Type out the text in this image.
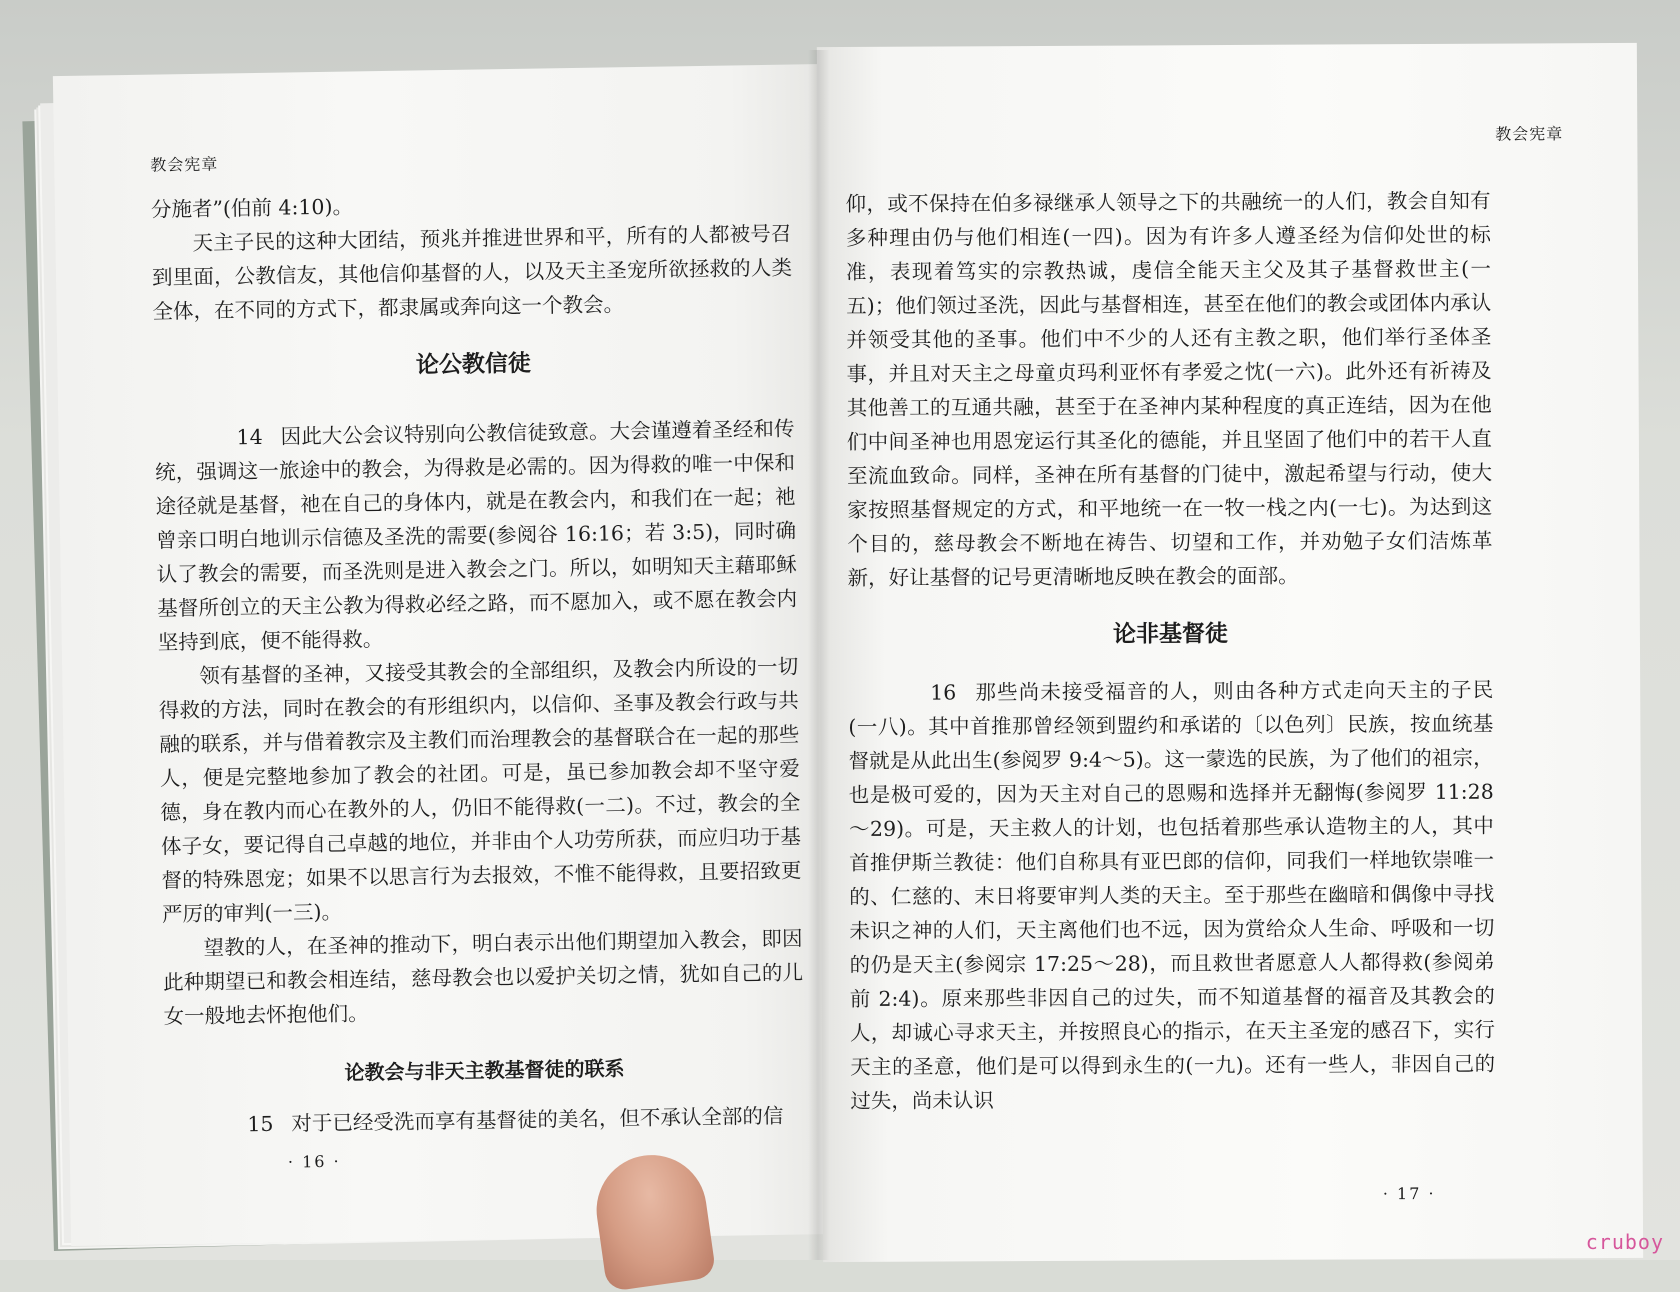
教会宪章

分施者”(伯前 4:10)。

天主子民的这种大团结，预兆并推进世界和平，所有的人都被号召到里面，公教信友，其他信仰基督的人，以及天主圣宠所欲拯救的人类全体，在不同的方式下，都隶属或奔向这一个教会。

论公教信徒

14 因此大公会议特别向公教信徒致意。大会谨遵着圣经和传统，强调这一旅途中的教会，为得救是必需的。因为得救的唯一中保和途径就是基督，祂在自己的身体内，就是在教会内，和我们在一起；祂曾亲口明白地训示信德及圣洗的需要(参阅谷 16:16；若 3:5)，同时确认了教会的需要，而圣洗则是进入教会之门。所以，如明知天主藉耶稣基督所创立的天主公教为得救必经之路，而不愿加入，或不愿在教会内坚持到底，便不能得救。

领有基督的圣神，又接受其教会的全部组织，及教会内所设的一切得救的方法，同时在教会的有形组织内，以信仰、圣事及教会行政与共融的联系，并与借着教宗及主教们而治理教会的基督联合在一起的那些人，便是完整地参加了教会的社团。可是，虽已参加教会却不坚守爱德，身在教内而心在教外的人，仍旧不能得救(一二)。不过，教会的全体子女，要记得自己卓越的地位，并非由个人功劳所获，而应归功于基督的特殊恩宠；如果不以思言行为去报效，不惟不能得救，且要招致更严厉的审判(一三)。

望教的人，在圣神的推动下，明白表示出他们期望加入教会，即因此种期望已和教会相连结，慈母教会也以爱护关切之情，犹如自己的儿女一般地去怀抱他们。

论教会与非天主教基督徒的联系

15 对于已经受洗而享有基督徒的美名，但不承认全部的信

· 16 ·
教会宪章

仰，或不保持在伯多禄继承人领导之下的共融统一的人们，教会自知有多种理由仍与他们相连(一四)。因为有许多人遵圣经为信仰处世的标准，表现着笃实的宗教热诚，虔信全能天主父及其子基督救世主(一五)；他们领过圣洗，因此与基督相连，甚至在他们的教会或团体内承认并领受其他的圣事。他们中不少的人还有主教之职，他们举行圣体圣事，并且对天主之母童贞玛利亚怀有孝爱之忱(一六)。此外还有祈祷及其他善工的互通共融，甚至于在圣神内某种程度的真正连结，因为在他们中间圣神也用恩宠运行其圣化的德能，并且坚固了他们中的若干人直至流血致命。同样，圣神在所有基督的门徒中，激起希望与行动，使大家按照基督规定的方式，和平地统一在一牧一栈之内(一七)。为达到这个目的，慈母教会不断地在祷告、切望和工作，并劝勉子女们洁炼革新，好让基督的记号更清晰地反映在教会的面部。

论非基督徒

16 那些尚未接受福音的人，则由各种方式走向天主的子民(一八)。其中首推那曾经领到盟约和承诺的〔以色列〕民族，按血统基督就是从此出生(参阅罗 9:4～5)。这一蒙选的民族，为了他们的祖宗，也是极可爱的，因为天主对自己的恩赐和选择并无翻悔(参阅罗 11:28～29)。可是，天主救人的计划，也包括着那些承认造物主的人，其中首推伊斯兰教徒：他们自称具有亚巴郎的信仰，同我们一样地钦崇唯一的、仁慈的、末日将要审判人类的天主。至于那些在幽暗和偶像中寻找未识之神的人们，天主离他们也不远，因为赏给众人生命、呼吸和一切的仍是天主(参阅宗 17:25～28)，而且救世者愿意人人都得救(参阅弟前 2:4)。原来那些非因自己的过失，而不知道基督的福音及其教会的人，却诚心寻求天主，并按照良心的指示，在天主圣宠的感召下，实行天主的圣意，他们是可以得到永生的(一九)。还有一些人，非因自己的过失，尚未认识

· 17 ·
cruboy
